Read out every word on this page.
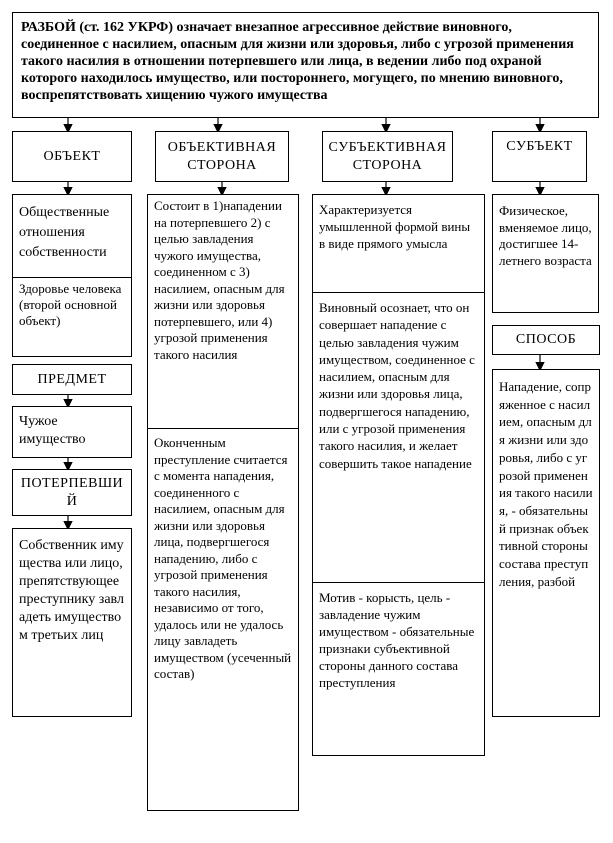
РАЗБОЙ (ст. 162 УКРФ) означает внезапное агрессивное действие виновного, соединенное с насилием, опасным для жизни или здоровья, либо с угрозой применения такого насилия в отношении потерпевшего или лица, в ведении либо под охраной которого находилось имущество, или постороннего, могущего, по мнению виновного, воспрепятствовать хищению чужого имущества
ОБЪЕКТ
Общественные отношения собственности
Здоровье человека (второй основной объект)
ПРЕДМЕТ
Чужое имущество
ПОТЕРПЕВШИЙ
Собственник имущества или лицо, препятствующее преступнику завладеть имуществом третьих лиц
ОБЪЕКТИВНАЯ СТОРОНА
Состоит в 1)нападении на потерпевшего 2) с целью завладения чужого имущества, соединенном с 3) насилием, опасным для жизни или здоровья потерпевшего, или 4) угрозой применения такого насилия
Оконченным преступление считается с момента нападения, соединенного с насилием, опасным для жизни или здоровья лица, подвергшегося нападению, либо с угрозой применения такого насилия, независимо от того, удалось или не удалось лицу завладеть имуществом (усеченный состав)
СУБЪЕКТИВНАЯ СТОРОНА
Характеризуется умышленной формой вины в виде прямого умысла
Виновный осознает, что он совершает нападение с целью завладения чужим имуществом, соединенное с насилием, опасным для жизни или здоровья лица, подвергшегося нападению, или с угрозой применения такого насилия, и желает совершить такое нападение
Мотив - корысть, цель - завладение чужим имуществом - обязательные признаки субъективной стороны данного состава преступления
СУБЪЕКТ
Физическое, вменяемое лицо, достигшее 14-летнего возраста
СПОСОБ
Нападение, сопряженное с насилием, опасным для жизни или здоровья, либо с угрозой применения такого насилия, - обязательный признак объективной стороны состава преступления, разбой
